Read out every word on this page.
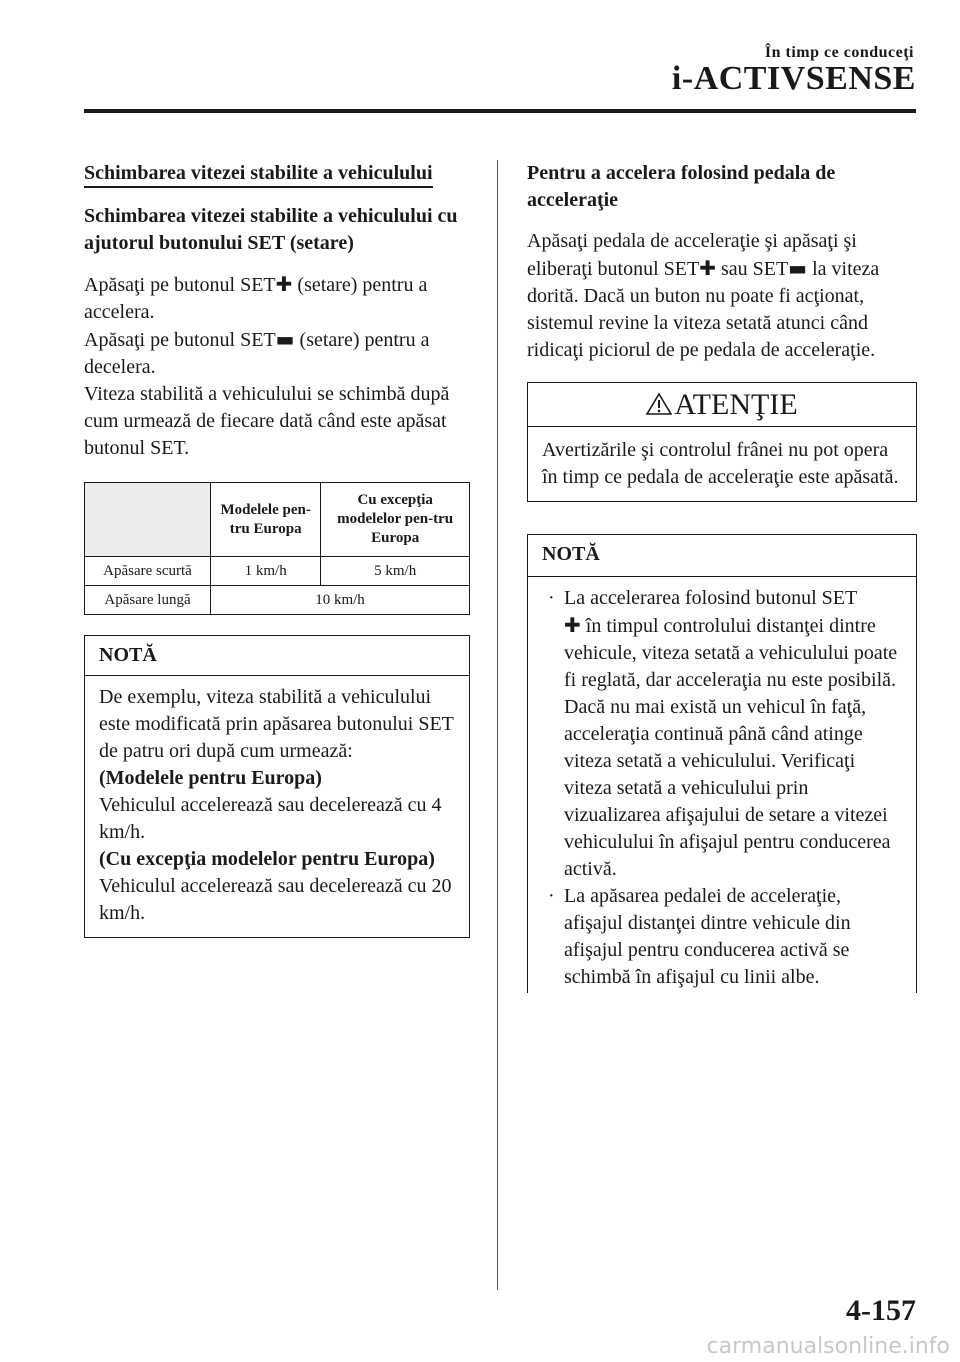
În timp ce conduceţi
i-ACTIVSENSE
Schimbarea vitezei stabilite a vehiculului
Schimbarea vitezei stabilite a vehiculului cu ajutorul butonului SET (setare)
Apăsaţi pe butonul SET✚ (setare) pentru a accelera.
Apăsaţi pe butonul SET▬ (setare) pentru a decelera.
Viteza stabilită a vehiculului se schimbă după cum urmează de fiecare dată când este apăsat butonul SET.
	Modelele pen-tru Europa	Cu excepţia modelelor pen-tru Europa
Apăsare scurtă	1 km/h	5 km/h
Apăsare lungă	10 km/h	
NOTĂ
De exemplu, viteza stabilită a vehiculului este modificată prin apăsarea butonului SET de patru ori după cum urmează:
(Modelele pentru Europa)
Vehiculul accelerează sau decelerează cu 4 km/h.
(Cu excepţia modelelor pentru Europa)
Vehiculul accelerează sau decelerează cu 20 km/h.
Pentru a accelera folosind pedala de acceleraţie
Apăsaţi pedala de acceleraţie şi apăsaţi şi eliberaţi butonul SET✚ sau SET▬ la viteza dorită. Dacă un buton nu poate fi acţionat, sistemul revine la viteza setată atunci când ridicaţi piciorul de pe pedala de acceleraţie.
ATENŢIE
Avertizările şi controlul frânei nu pot opera în timp ce pedala de acceleraţie este apăsată.
NOTĂ
· La accelerarea folosind butonul SET
✚ în timpul controlului distanţei dintre vehicule, viteza setată a vehiculului poate fi reglată, dar acceleraţia nu este posibilă. Dacă nu mai există un vehicul în faţă, acceleraţia continuă până când atinge viteza setată a vehiculului. Verificaţi viteza setată a vehiculului prin vizualizarea afişajului de setare a vitezei vehiculului în afişajul pentru conducerea activă.
· La apăsarea pedalei de acceleraţie, afişajul distanţei dintre vehicule din afişajul pentru conducerea activă se schimbă în afişajul cu linii albe.
4-157
carmanualsonline.info
